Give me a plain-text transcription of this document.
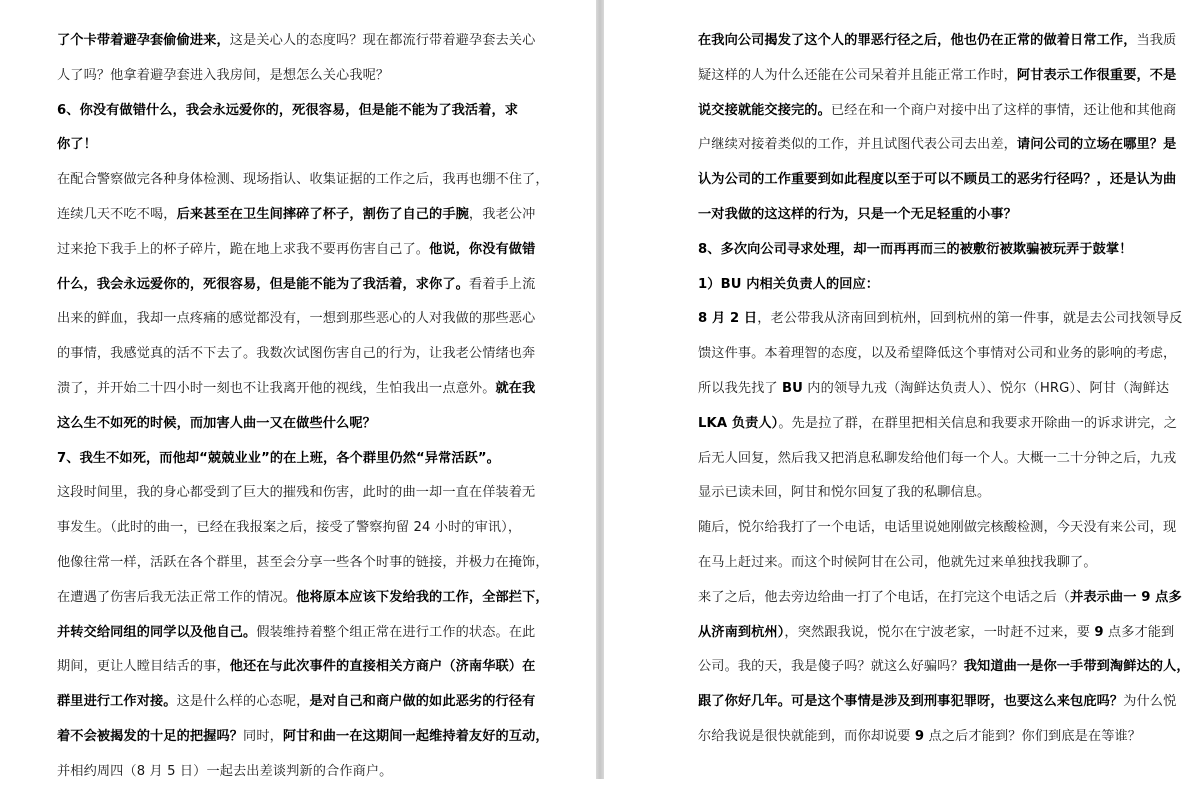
了个卡带着避孕套偷偷进来，这是关心人的态度吗？现在都流行带着避孕套去关心
人了吗？他拿着避孕套进入我房间，是想怎么关心我呢？
6、你没有做错什么，我会永远爱你的，死很容易，但是能不能为了我活着，求
你了！
在配合警察做完各种身体检测、现场指认、收集证据的工作之后，我再也绷不住了，
连续几天不吃不喝，后来甚至在卫生间摔碎了杯子，割伤了自己的手腕，我老公冲
过来抢下我手上的杯子碎片，跪在地上求我不要再伤害自己了。他说，你没有做错
什么，我会永远爱你的，死很容易，但是能不能为了我活着，求你了。看着手上流
出来的鲜血，我却一点疼痛的感觉都没有，一想到那些恶心的人对我做的那些恶心
的事情，我感觉真的活不下去了。我数次试图伤害自己的行为，让我老公情绪也奔
溃了，并开始二十四小时一刻也不让我离开他的视线，生怕我出一点意外。就在我
这么生不如死的时候，而加害人曲一又在做些什么呢？
7、我生不如死，而他却“兢兢业业”的在上班，各个群里仍然“异常活跃”。
这段时间里，我的身心都受到了巨大的摧残和伤害，此时的曲一却一直在佯装着无
事发生。（此时的曲一，已经在我报案之后，接受了警察拘留 24 小时的审讯），
他像往常一样，活跃在各个群里，甚至会分享一些各个时事的链接，并极力在掩饰，
在遭遇了伤害后我无法正常工作的情况。他将原本应该下发给我的工作，全部拦下，
并转交给同组的同学以及他自己。假装维持着整个组正常在进行工作的状态。在此
期间，更让人瞠目结舌的事，他还在与此次事件的直接相关方商户（济南华联）在
群里进行工作对接。这是什么样的心态呢，是对自己和商户做的如此恶劣的行径有
着不会被揭发的十足的把握吗？同时，阿甘和曲一在这期间一起维持着友好的互动，
并相约周四（8 月 5 日）一起去出差谈判新的合作商户。
在我向公司揭发了这个人的罪恶行径之后，他也仍在正常的做着日常工作，当我质
疑这样的人为什么还能在公司呆着并且能正常工作时，阿甘表示工作很重要，不是
说交接就能交接完的。已经在和一个商户对接中出了这样的事情，还让他和其他商
户继续对接着类似的工作，并且试图代表公司去出差，请问公司的立场在哪里？是
认为公司的工作重要到如此程度以至于可以不顾员工的恶劣行径吗？，还是认为曲
一对我做的这这样的行为，只是一个无足轻重的小事？
8、多次向公司寻求处理，却一而再再而三的被敷衍被欺骗被玩弄于鼓掌！
1）BU 内相关负责人的回应：
8 月 2 日，老公带我从济南回到杭州，回到杭州的第一件事，就是去公司找领导反
馈这件事。本着理智的态度，以及希望降低这个事情对公司和业务的影响的考虑，
所以我先找了 BU 内的领导九戎（淘鲜达负责人）、悦尔（HRG）、阿甘（淘鲜达
LKA 负责人）。先是拉了群，在群里把相关信息和我要求开除曲一的诉求讲完，之
后无人回复，然后我又把消息私聊发给他们每一个人。大概一二十分钟之后，九戎
显示已读未回，阿甘和悦尔回复了我的私聊信息。
随后，悦尔给我打了一个电话，电话里说她刚做完核酸检测，今天没有来公司，现
在马上赶过来。而这个时候阿甘在公司，他就先过来单独找我聊了。
来了之后，他去旁边给曲一打了个电话，在打完这个电话之后（并表示曲一 9 点多
从济南到杭州），突然跟我说，悦尔在宁波老家，一时赶不过来，要 9 点多才能到
公司。我的天，我是傻子吗？就这么好骗吗？我知道曲一是你一手带到淘鲜达的人，
跟了你好几年。可是这个事情是涉及到刑事犯罪呀，也要这么来包庇吗？为什么悦
尔给我说是很快就能到，而你却说要 9 点之后才能到？你们到底是在等谁？
